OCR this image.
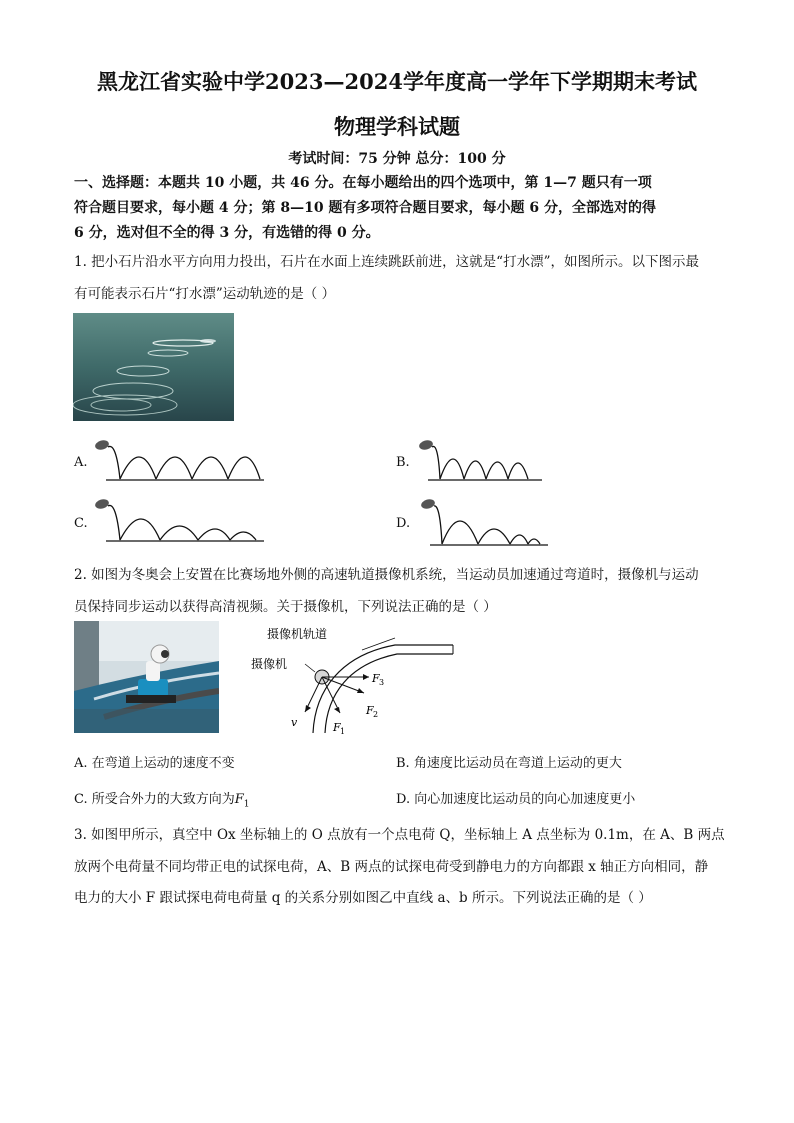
黑龙江省实验中学2023—2024学年度高一学年下学期期末考试
物理学科试题
考试时间：75 分钟 总分：100 分
一、选择题：本题共 10 小题，共 46 分。在每小题给出的四个选项中，第 1—7 题只有一项
符合题目要求，每小题 4 分；第 8—10 题有多项符合题目要求，每小题 6 分，全部选对的得
6 分，选对但不全的得 3 分，有选错的得 0 分。
1. 把小石片沿水平方向用力投出，石片在水面上连续跳跃前进，这就是“打水漂”，如图所示。以下图示最
有可能表示石片“打水漂”运动轨迹的是（ ）
A.	B.
C.	D.
2. 如图为冬奥会上安置在比赛场地外侧的高速轨道摄像机系统，当运动员加速通过弯道时，摄像机与运动
员保持同步运动以获得高清视频。关于摄像机，下列说法正确的是（ ）
摄像机轨道
摄像机
F 3
F 2
F 1
v
A. 在弯道上运动的速度不变	B. 角速度比运动员在弯道上运动的更大
C. 所受合外力的大致方向为$F_1$	D. 向心加速度比运动员的向心加速度更小
3. 如图甲所示，真空中 Ox 坐标轴上的 O 点放有一个点电荷 Q，坐标轴上 A 点坐标为 0.1m，在 A、B 两点
放两个电荷量不同均带正电的试探电荷，A、B 两点的试探电荷受到静电力的方向都跟 x 轴正方向相同，静
电力的大小 F 跟试探电荷电荷量 q 的关系分别如图乙中直线 a、b 所示。下列说法正确的是（ ）
